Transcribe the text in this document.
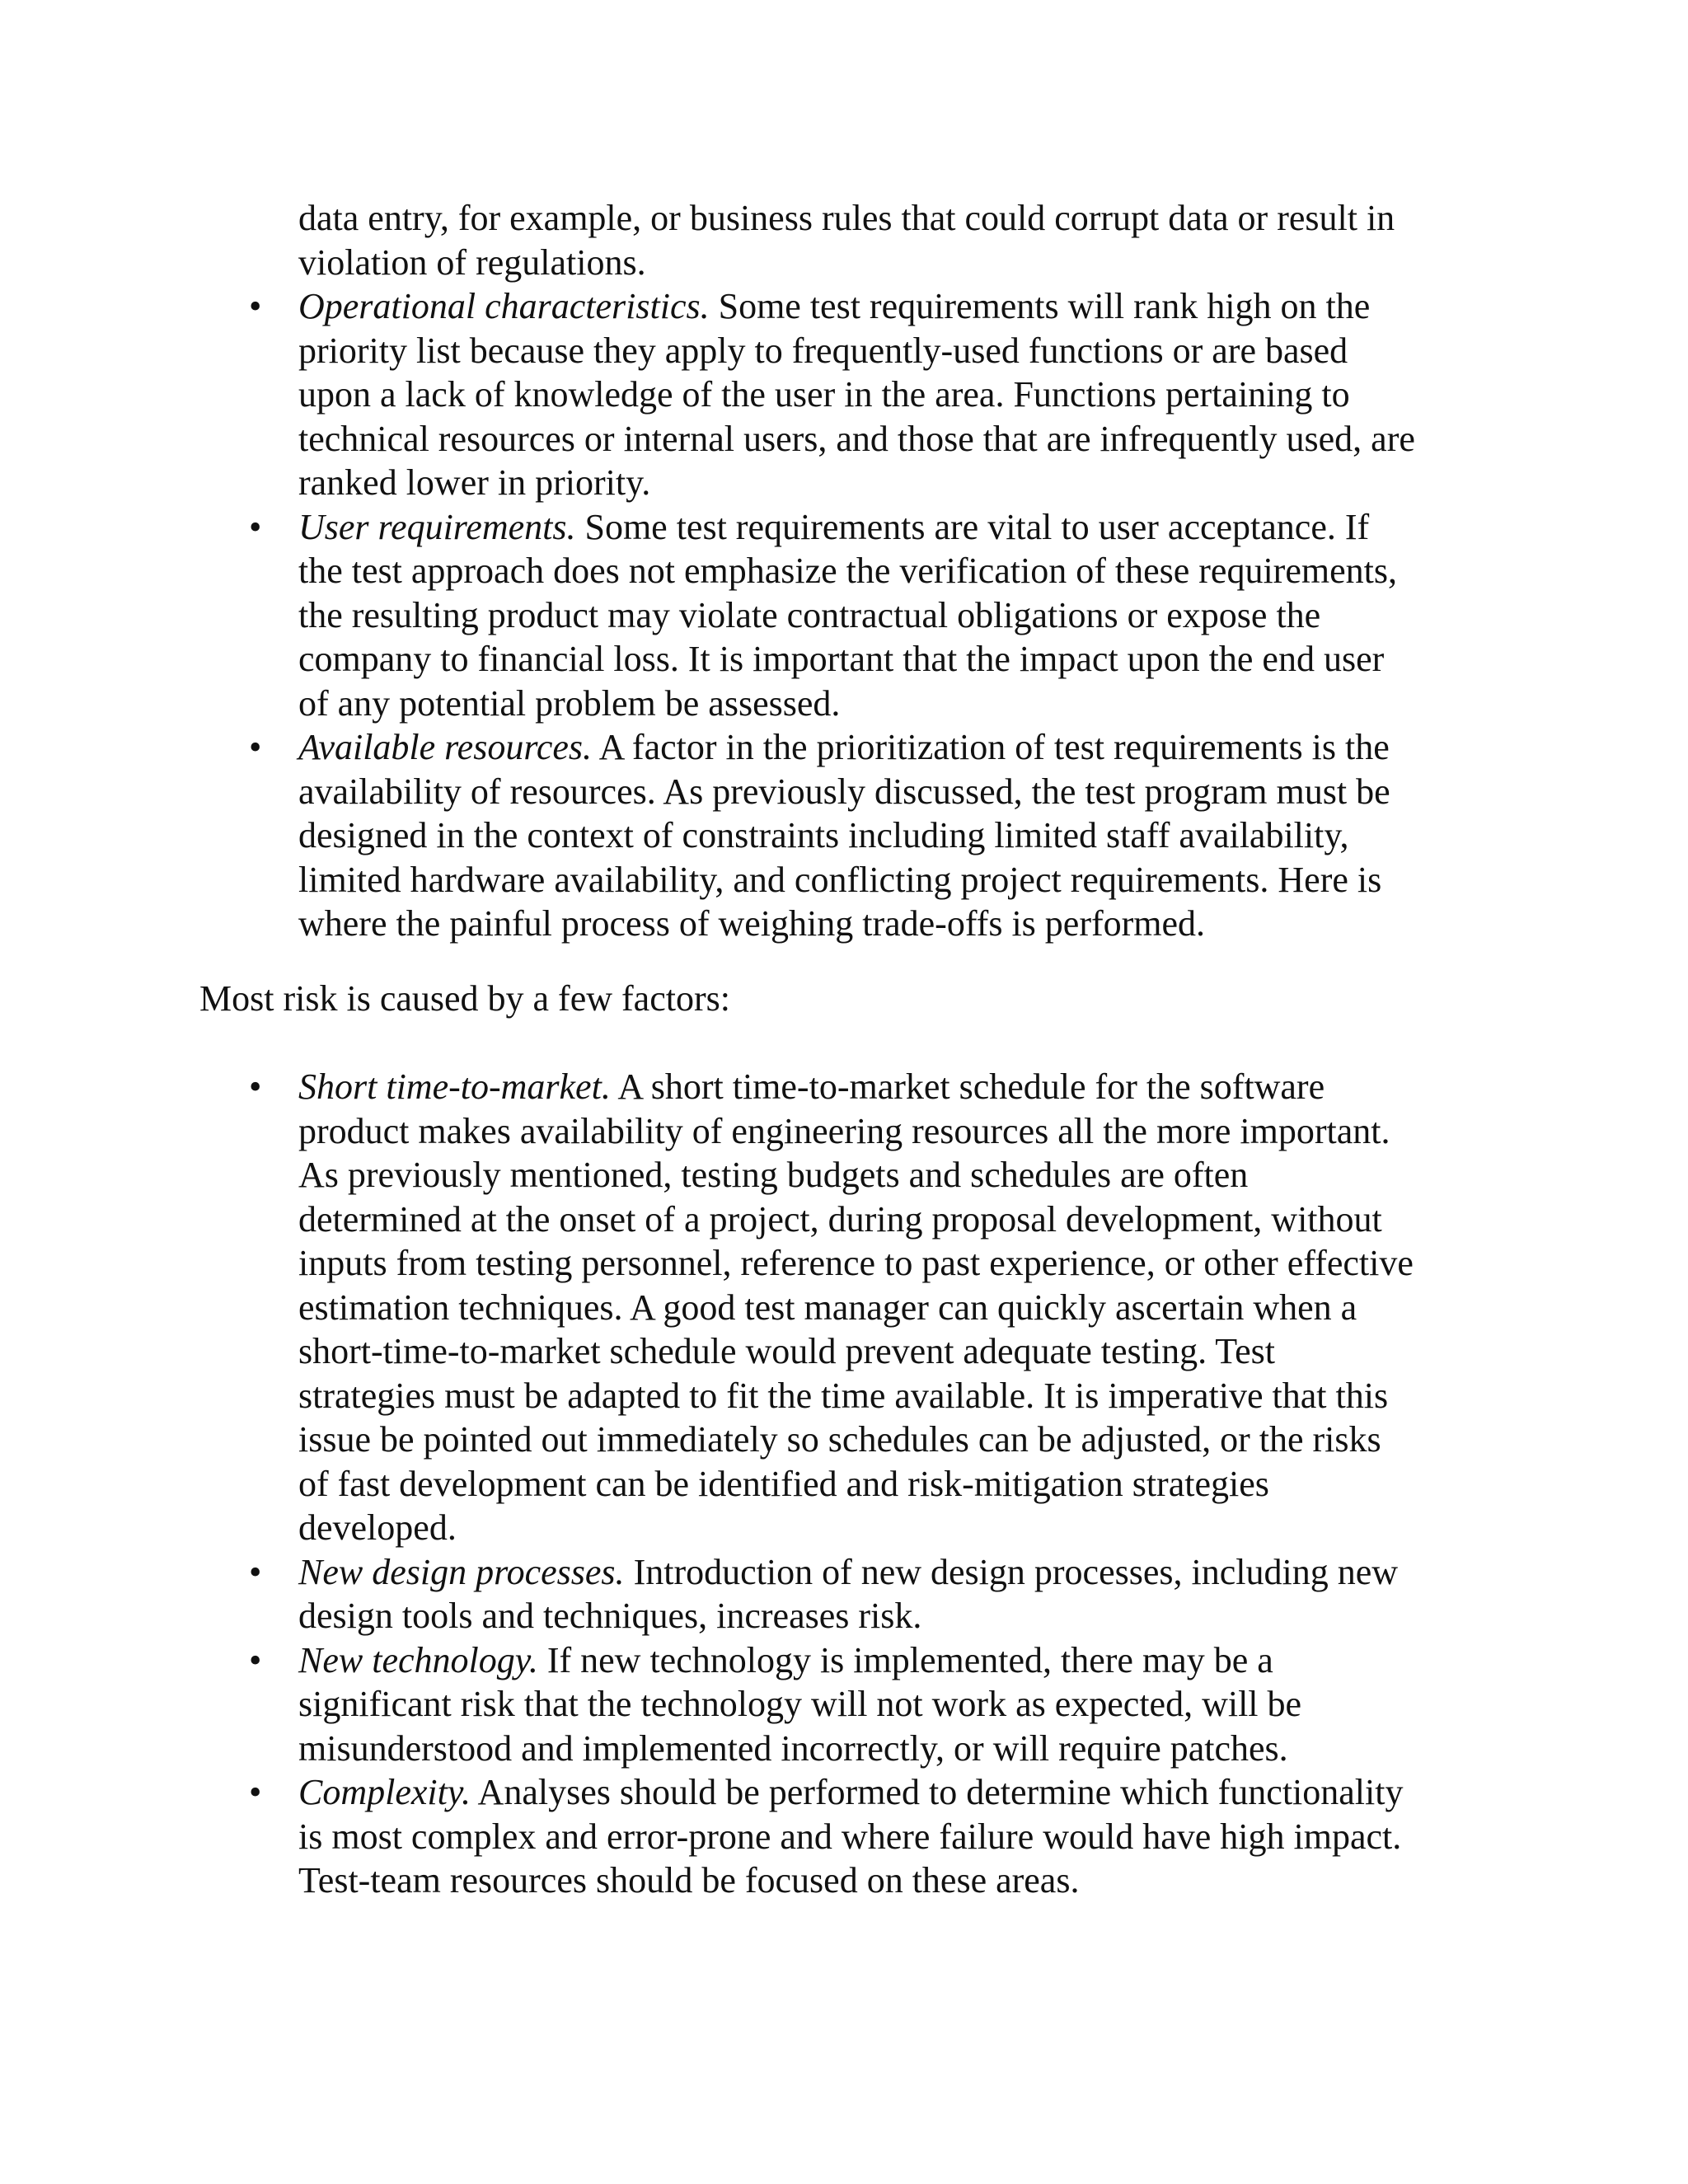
data entry, for example, or business rules that could corrupt data or result in
violation of regulations.
• Operational characteristics. Some test requirements will rank high on the
priority list because they apply to frequently-used functions or are based
upon a lack of knowledge of the user in the area. Functions pertaining to
technical resources or internal users, and those that are infrequently used, are
ranked lower in priority.
• User requirements. Some test requirements are vital to user acceptance. If
the test approach does not emphasize the verification of these requirements,
the resulting product may violate contractual obligations or expose the
company to financial loss. It is important that the impact upon the end user
of any potential problem be assessed.
• Available resources. A factor in the prioritization of test requirements is the
availability of resources. As previously discussed, the test program must be
designed in the context of constraints including limited staff availability,
limited hardware availability, and conflicting project requirements. Here is
where the painful process of weighing trade-offs is performed.
Most risk is caused by a few factors:
• Short time-to-market. A short time-to-market schedule for the software
product makes availability of engineering resources all the more important.
As previously mentioned, testing budgets and schedules are often
determined at the onset of a project, during proposal development, without
inputs from testing personnel, reference to past experience, or other effective
estimation techniques. A good test manager can quickly ascertain when a
short-time-to-market schedule would prevent adequate testing. Test
strategies must be adapted to fit the time available. It is imperative that this
issue be pointed out immediately so schedules can be adjusted, or the risks
of fast development can be identified and risk-mitigation strategies
developed.
• New design processes. Introduction of new design processes, including new
design tools and techniques, increases risk.
• New technology. If new technology is implemented, there may be a
significant risk that the technology will not work as expected, will be
misunderstood and implemented incorrectly, or will require patches.
• Complexity. Analyses should be performed to determine which functionality
is most complex and error-prone and where failure would have high impact.
Test-team resources should be focused on these areas.
